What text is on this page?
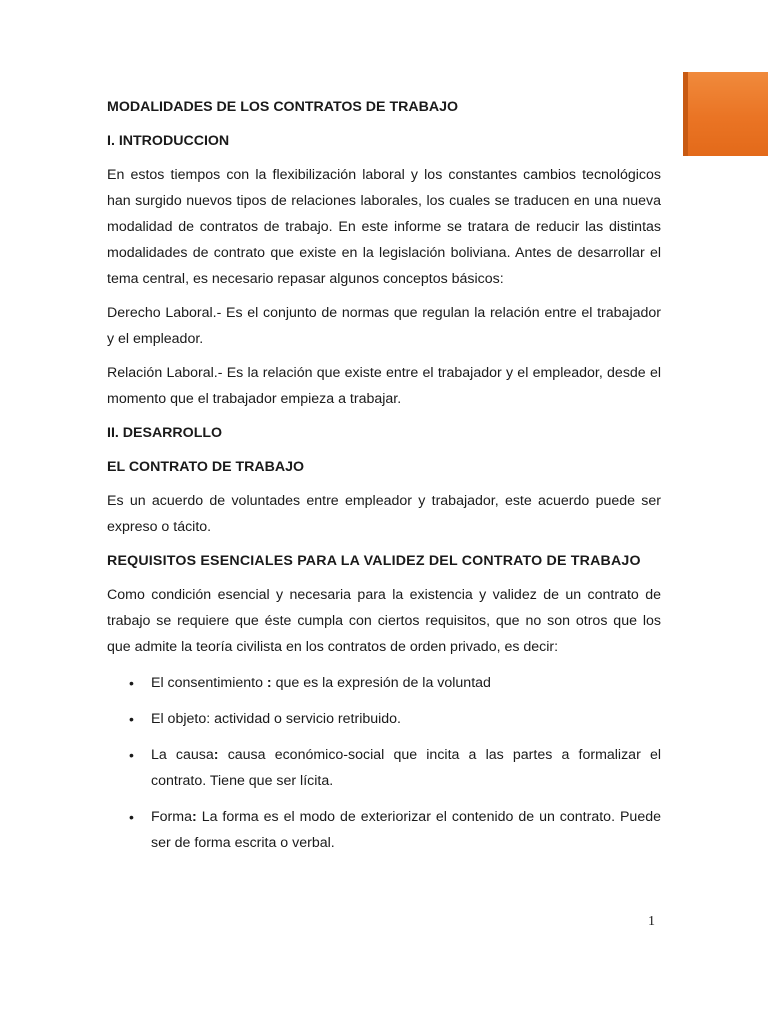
MODALIDADES DE LOS CONTRATOS DE TRABAJO

I. INTRODUCCION

En estos tiempos con la flexibilización laboral y los constantes cambios tecnológicos han surgido nuevos tipos de relaciones laborales, los cuales se traducen en una nueva modalidad de contratos de trabajo. En este informe se tratara de reducir las distintas modalidades de contrato que existe en la legislación boliviana. Antes de desarrollar el tema central, es necesario repasar algunos conceptos básicos:

Derecho Laboral.- Es el conjunto de normas que regulan la relación entre el trabajador y el empleador.

Relación Laboral.- Es la relación que existe entre el trabajador y el empleador, desde el momento que el trabajador empieza a trabajar.

II. DESARROLLO

EL CONTRATO DE TRABAJO

Es un acuerdo de voluntades entre empleador y trabajador, este acuerdo puede ser expreso o tácito.

REQUISITOS ESENCIALES PARA LA VALIDEZ DEL CONTRATO DE TRABAJO

Como condición esencial y necesaria para la existencia y validez de un contrato de trabajo se requiere que éste cumpla con ciertos requisitos, que no son otros que los que admite la teoría civilista en los contratos de orden privado, es decir:

• El consentimiento : que es la expresión de la voluntad
• El objeto: actividad o servicio retribuido.
• La causa: causa económico-social que incita a las partes a formalizar el contrato. Tiene que ser lícita.
• Forma: La forma es el modo de exteriorizar el contenido de un contrato. Puede ser de forma escrita o verbal.
1
